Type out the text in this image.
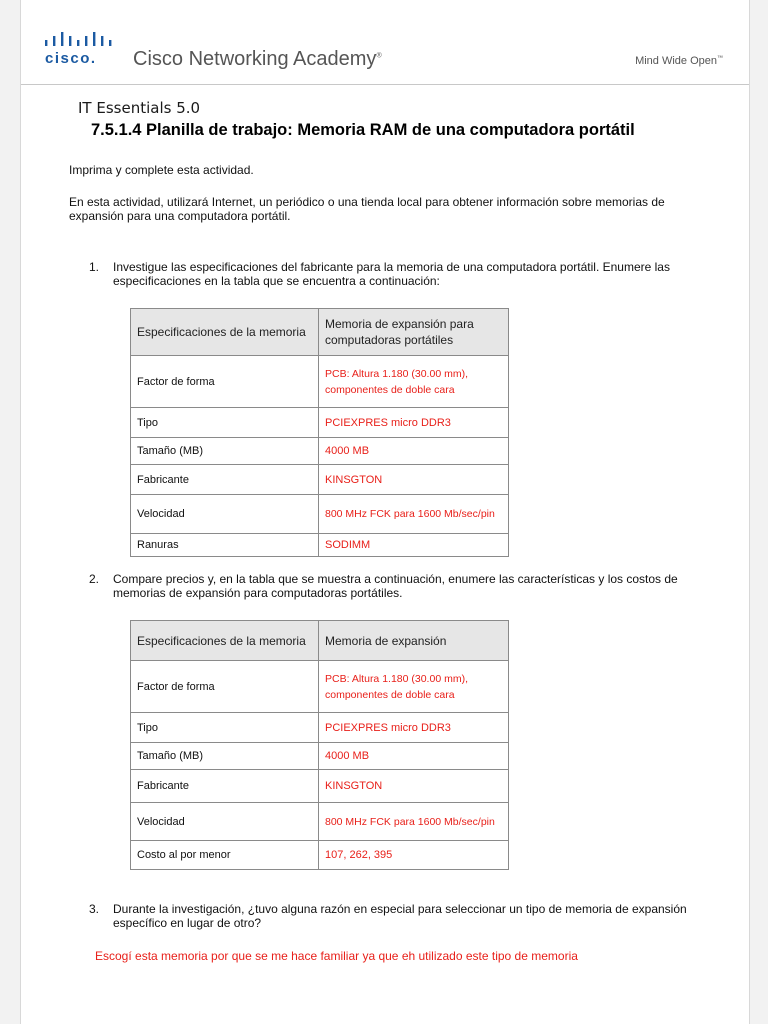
cisco. Cisco Networking Academy®	Mind Wide Open™
IT Essentials 5.0
7.5.1.4 Planilla de trabajo: Memoria RAM de una computadora portátil
Imprima y complete esta actividad.
En esta actividad, utilizará Internet, un periódico o una tienda local para obtener información sobre memorias de expansión para una computadora portátil.
1. Investigue las especificaciones del fabricante para la memoria de una computadora portátil. Enumere las especificaciones en la tabla que se encuentra a continuación:
Especificaciones de la memoria	Memoria de expansión para computadoras portátiles
Factor de forma	PCB: Altura 1.180 (30.00 mm), componentes de doble cara
Tipo	PCIEXPRES micro DDR3
Tamaño (MB)	4000 MB
Fabricante	KINSGTON
Velocidad	800 MHz FCK para 1600 Mb/sec/pin
Ranuras	SODIMM
2. Compare precios y, en la tabla que se muestra a continuación, enumere las características y los costos de memorias de expansión para computadoras portátiles.
Especificaciones de la memoria	Memoria de expansión
Factor de forma	PCB: Altura 1.180 (30.00 mm), componentes de doble cara
Tipo	PCIEXPRES micro DDR3
Tamaño (MB)	4000 MB
Fabricante	KINSGTON
Velocidad	800 MHz FCK para 1600 Mb/sec/pin
Costo al por menor	107, 262, 395
3. Durante la investigación, ¿tuvo alguna razón en especial para seleccionar un tipo de memoria de expansión específico en lugar de otro?
Escogí esta memoria por que se me hace familiar ya que eh utilizado este tipo de memoria
